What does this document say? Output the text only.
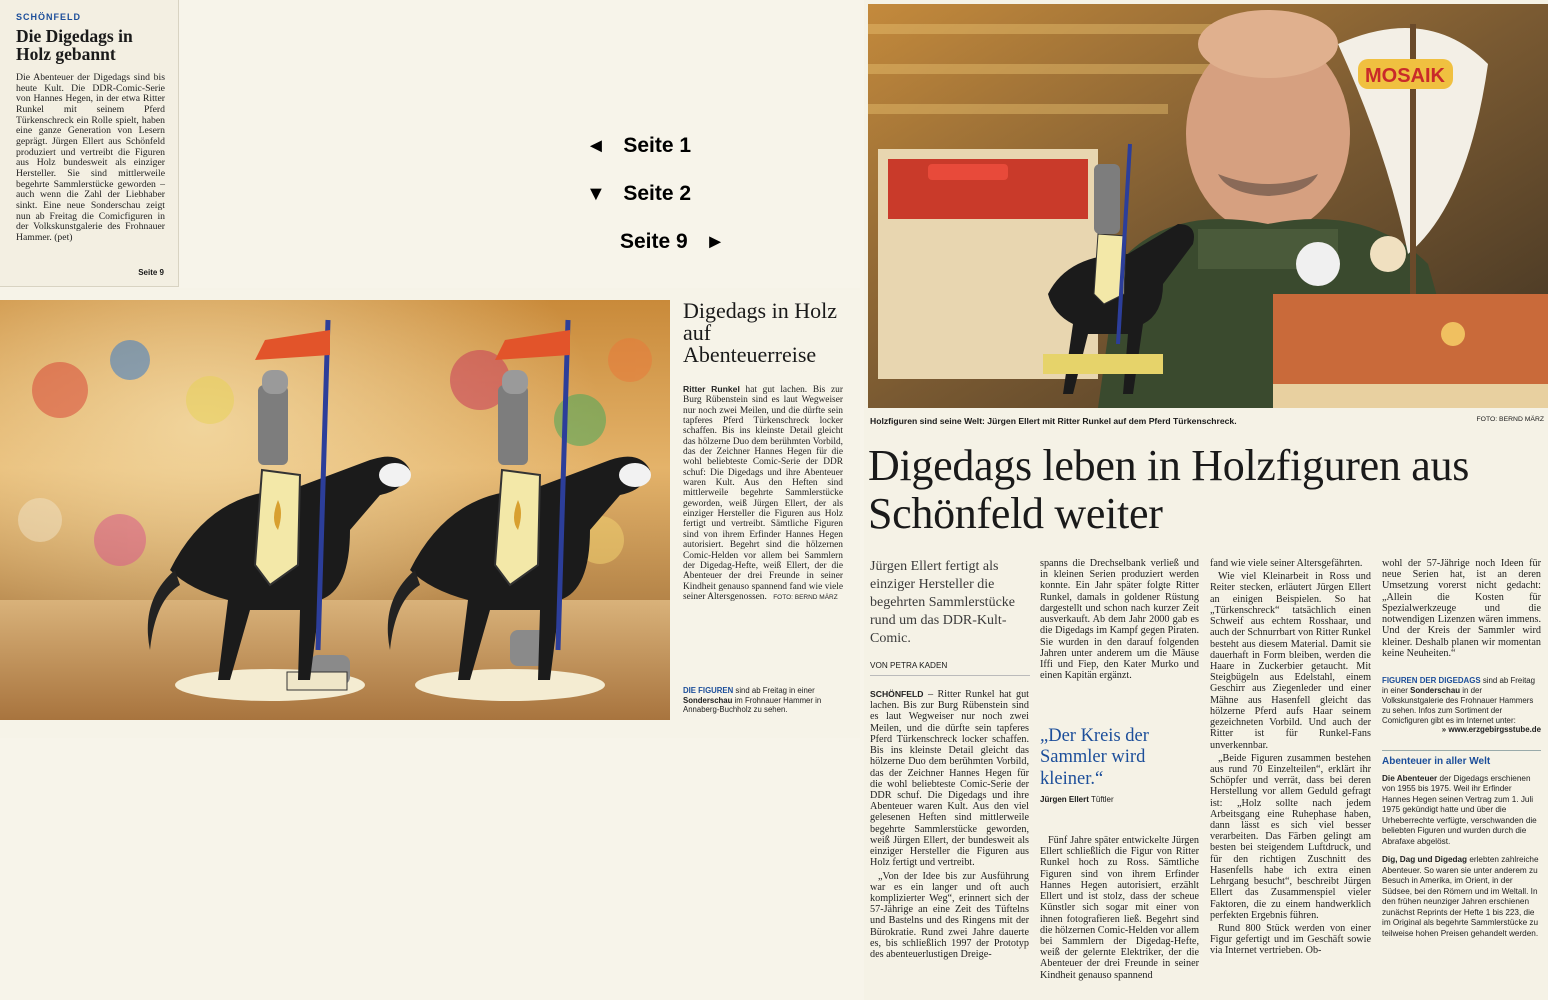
SCHÖNFELD
Die Digedags in Holz gebannt
Die Abenteuer der Digedags sind bis heute Kult. Die DDR-Comic-Serie von Hannes Hegen, in der etwa Ritter Runkel mit seinem Pferd Türkenschreck ein Rolle spielt, haben eine ganze Generation von Lesern geprägt. Jürgen Ellert aus Schönfeld produziert und vertreibt die Figuren aus Holz bundesweit als einziger Hersteller. Sie sind mittlerweile begehrte Sammlerstücke geworden – auch wenn die Zahl der Liebhaber sinkt. Eine neue Sonderschau zeigt nun ab Freitag die Comicfiguren in der Volkskunstgalerie des Frohnauer Hammer. (pet)
Seite 9
◄ Seite 1
▼ Seite 2
Seite 9 ►
Digedags in Holz auf Abenteuerreise
Ritter Runkel hat gut lachen. Bis zur Burg Rübenstein sind es laut Wegweiser nur noch zwei Meilen, und die dürfte sein tapferes Pferd Türkenschreck locker schaffen. Bis ins kleinste Detail gleicht das hölzerne Duo dem berühmten Vorbild, das der Zeichner Hannes Hegen für die wohl beliebteste Comic-Serie der DDR schuf: Die Digedags und ihre Abenteuer waren Kult. Aus den Heften sind mittlerweile begehrte Sammlerstücke geworden, weiß Jürgen Ellert, der als einziger Hersteller die Figuren aus Holz fertigt und vertreibt. Sämtliche Figuren sind von ihrem Erfinder Hannes Hegen autorisiert. Begehrt sind die hölzernen Comic-Helden vor allem bei Sammlern der Digedag-Hefte, weiß Ellert, der die Abenteuer der drei Freunde in seiner Kindheit genauso spannend fand wie viele seiner Altersgenossen. FOTO: BERND MÄRZ
DIE FIGUREN sind ab Freitag in einer Sonderschau im Frohnauer Hammer in Annaberg-Buchholz zu sehen.
MOSAIK
Holzfiguren sind seine Welt: Jürgen Ellert mit Ritter Runkel auf dem Pferd Türkenschreck.	FOTO: BERND MÄRZ
Digedags leben in Holzfiguren aus Schönfeld weiter
Jürgen Ellert fertigt als einziger Hersteller die begehrten Sammlerstücke rund um das DDR-Kult-Comic.
VON PETRA KADEN

SCHÖNFELD – Ritter Runkel hat gut lachen. Bis zur Burg Rübenstein sind es laut Wegweiser nur noch zwei Meilen, und die dürfte sein tapferes Pferd Türkenschreck locker schaffen. Bis ins kleinste Detail gleicht das hölzerne Duo dem berühmten Vorbild, das der Zeichner Hannes Hegen für die wohl beliebteste Comic-Serie der DDR schuf. Die Digedags und ihre Abenteuer waren Kult. Aus den viel gelesenen Heften sind mittlerweile begehrte Sammlerstücke geworden, weiß Jürgen Ellert, der bundesweit als einziger Hersteller die Figuren aus Holz fertigt und vertreibt.

„Von der Idee bis zur Ausführung war es ein langer und oft auch komplizierter Weg“, erinnert sich der 57-Jährige an eine Zeit des Tüftelns und Bastelns und des Ringens mit der Bürokratie. Rund zwei Jahre dauerte es, bis schließlich 1997 der Prototyp des abenteuerlustigen Dreige-

spanns die Drechselbank verließ und in kleinen Serien produziert werden konnte. Ein Jahr später folgte Ritter Runkel, damals in goldener Rüstung dargestellt und schon nach kurzer Zeit ausverkauft. Ab dem Jahr 2000 gab es die Digedags im Kampf gegen Piraten. Sie wurden in den darauf folgenden Jahren unter anderem um die Mäuse Iffi und Fiep, den Kater Murko und einen Kapitän ergänzt.

„Der Kreis der Sammler wird kleiner.“
Jürgen Ellert Tüftler

Fünf Jahre später entwickelte Jürgen Ellert schließlich die Figur von Ritter Runkel hoch zu Ross. Sämtliche Figuren sind von ihrem Erfinder Hannes Hegen autorisiert, erzählt Ellert und ist stolz, dass der scheue Künstler sich sogar mit einer von ihnen fotografieren ließ. Begehrt sind die hölzernen Comic-Helden vor allem bei Sammlern der Digedag-Hefte, weiß der gelernte Elektriker, der die Abenteuer der drei Freunde in seiner Kindheit genauso spannend

fand wie viele seiner Altersgefährten.

Wie viel Kleinarbeit in Ross und Reiter stecken, erläutert Jürgen Ellert an einigen Beispielen. So hat „Türkenschreck“ tatsächlich einen Schweif aus echtem Rosshaar, und auch der Schnurrbart von Ritter Runkel besteht aus diesem Material. Damit sie dauerhaft in Form bleiben, werden die Haare in Zuckerbier getaucht. Mit Steigbügeln aus Edelstahl, einem Geschirr aus Ziegenleder und einer Mähne aus Hasenfell gleicht das hölzerne Pferd aufs Haar seinem gezeichneten Vorbild. Und auch der Ritter ist für Runkel-Fans unverkennbar.

„Beide Figuren zusammen bestehen aus rund 70 Einzelteilen“, erklärt ihr Schöpfer und verrät, dass bei deren Herstellung vor allem Geduld gefragt ist: „Holz sollte nach jedem Arbeitsgang eine Ruhephase haben, dann lässt es sich viel besser verarbeiten. Das Färben gelingt am besten bei steigendem Luftdruck, und für den richtigen Zuschnitt des Hasenfells habe ich extra einen Lehrgang besucht“, beschreibt Jürgen Ellert das Zusammenspiel vieler Faktoren, die zu einem handwerklich perfekten Ergebnis führen.

Rund 800 Stück werden von einer Figur gefertigt und im Geschäft sowie via Internet vertrieben. Ob-

wohl der 57-Jährige noch Ideen für neue Serien hat, ist an deren Umsetzung vorerst nicht gedacht: „Allein die Kosten für Spezialwerkzeuge und die notwendigen Lizenzen wären immens. Und der Kreis der Sammler wird kleiner. Deshalb planen wir momentan keine Neuheiten.“

FIGUREN DER DIGEDAGS sind ab Freitag in einer Sonderschau in der Volkskunstgalerie des Frohnauer Hammers zu sehen. Infos zum Sortiment der Comicfiguren gibt es im Internet unter:
» www.erzgebirgsstube.de
Abenteuer in aller Welt

Die Abenteuer der Digedags erschienen von 1955 bis 1975. Weil ihr Erfinder Hannes Hegen seinen Vertrag zum 1. Juli 1975 gekündigt hatte und über die Urheberrechte verfügte, verschwanden die beliebten Figuren und wurden durch die Abrafaxe abgelöst.

Dig, Dag und Digedag erlebten zahlreiche Abenteuer. So waren sie unter anderem zu Besuch in Amerika, im Orient, in der Südsee, bei den Römern und im Weltall. In den frühen neunziger Jahren erschienen zunächst Reprints der Hefte 1 bis 223, die im Original als begehrte Sammlerstücke zu teilweise hohen Preisen gehandelt werden.
